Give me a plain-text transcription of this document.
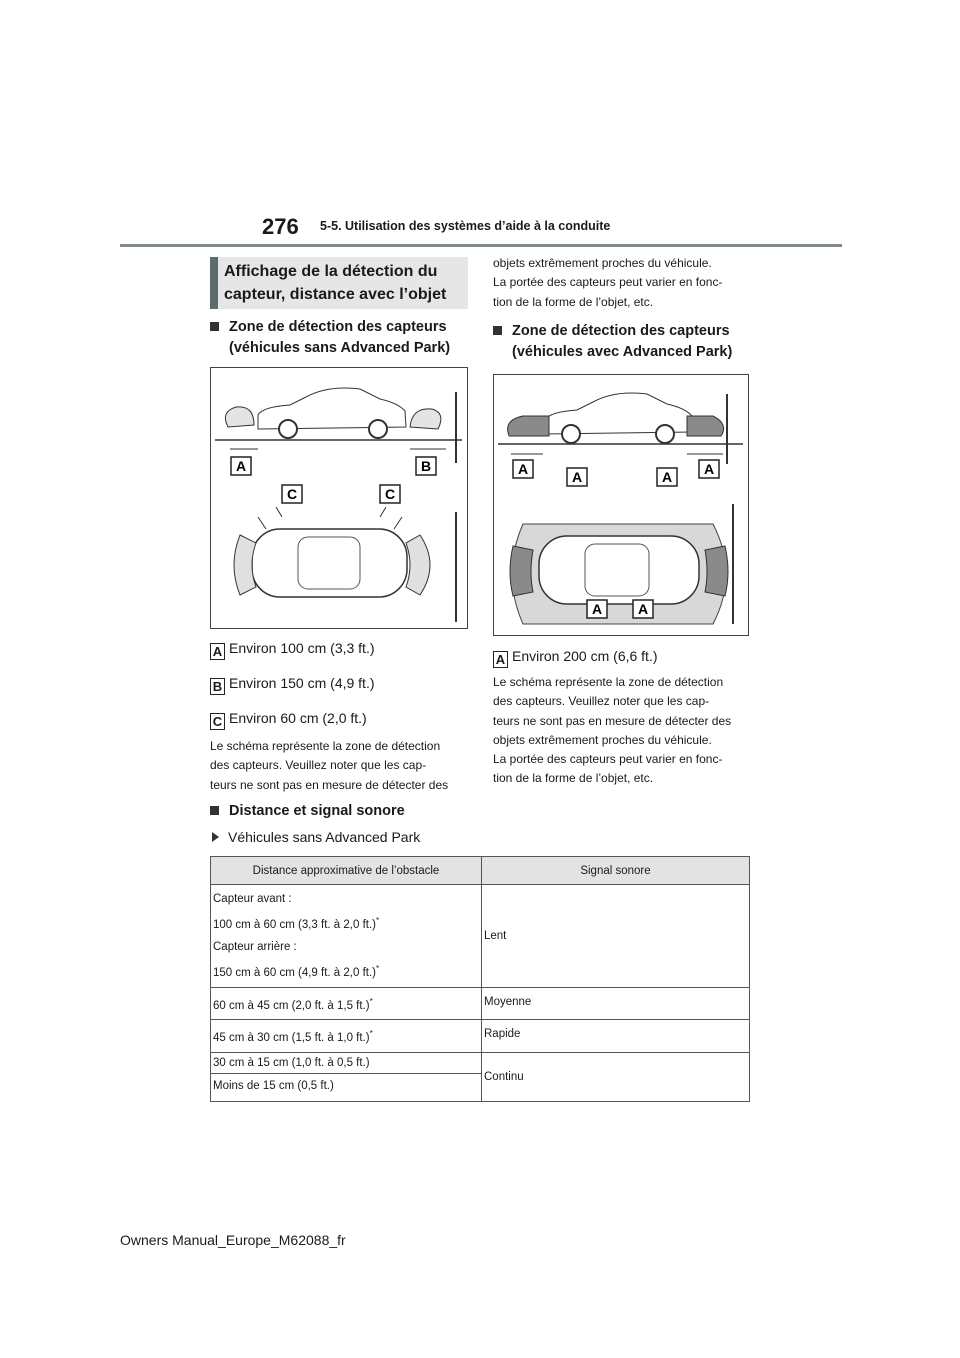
276 5-5. Utilisation des systèmes d’aide à la conduite
Affichage de la détection du
capteur, distance avec l’objet
Zone de détection des capteurs
(véhicules sans Advanced Park)
A	B
C	C
A Environ 100 cm (3,3 ft.)
B Environ 150 cm (4,9 ft.)
C Environ 60 cm (2,0 ft.)
Le schéma représente la zone de détection
des capteurs. Veuillez noter que les cap-
teurs ne sont pas en mesure de détecter des
Distance et signal sonore
Véhicules sans Advanced Park
objets extrêmement proches du véhicule.
La portée des capteurs peut varier en fonc-
tion de la forme de l’objet, etc.
Zone de détection des capteurs
(véhicules avec Advanced Park)
A	A	A A
A	A
A Environ 200 cm (6,6 ft.)
Le schéma représente la zone de détection
des capteurs. Veuillez noter que les cap-
teurs ne sont pas en mesure de détecter des
objets extrêmement proches du véhicule.
La portée des capteurs peut varier en fonc-
tion de la forme de l’objet, etc.
Distance approximative de l’obstacle	Signal sonore

Capteur avant :
100 cm à 60 cm (3,3 ft. à 2,0 ft.)*
Capteur arrière :
150 cm à 60 cm (4,9 ft. à 2,0 ft.)*	Lent
60 cm à 45 cm (2,0 ft. à 1,5 ft.)*	Moyenne
45 cm à 30 cm (1,5 ft. à 1,0 ft.)*	Rapide
30 cm à 15 cm (1,0 ft. à 0,5 ft.)	Continu
Moins de 15 cm (0,5 ft.)	
Owners Manual_Europe_M62088_fr
